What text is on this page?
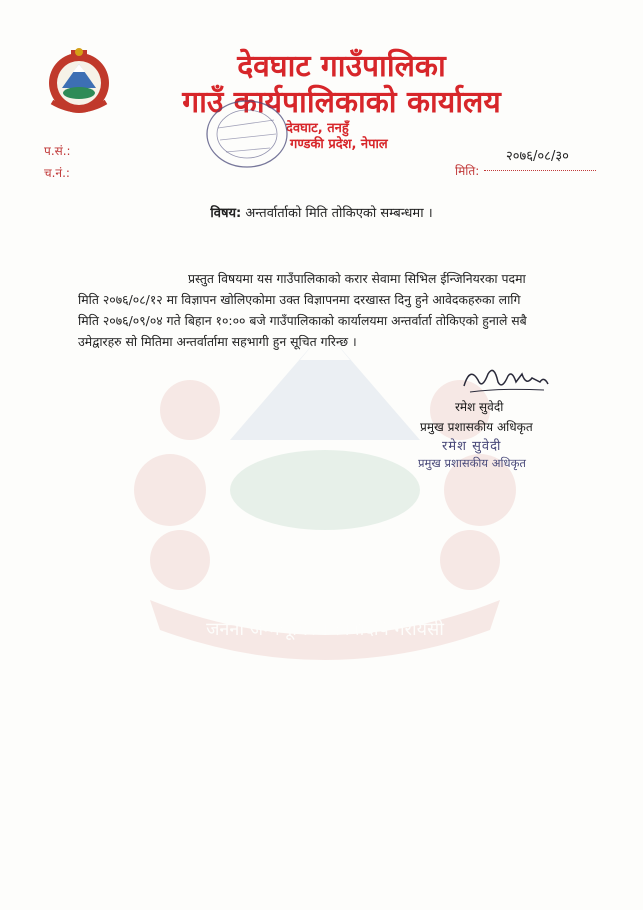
जननी जन्मभूमिश्च स्वर्गादपि गरीयसी
देवघाट गाउँपालिका
गाउँ कार्यपालिकाको कार्यालय
देवघाट, तनहुँ
गण्डकी प्रदेश, नेपाल
प.सं.:
च.नं.:
२०७६/०८/३०
मिति:
विषय: अन्तर्वार्ताको मिति तोकिएको सम्बन्धमा ।
प्रस्तुत विषयमा यस गाउँपालिकाको करार सेवामा सिभिल ईन्जिनियरका पदमा
मिति २०७६/०८/१२ मा विज्ञापन खोलिएकोमा उक्त विज्ञापनमा दरखास्त दिनु हुने आवेदकहरुका लागि
मिति २०७६/०९/०४ गते बिहान १०:०० बजे गाउँपालिकाको कार्यालयमा अन्तर्वार्ता तोकिएको हुनाले सबै
उमेद्वारहरु सो मितिमा अन्तर्वार्तामा सहभागी हुन सूचित गरिन्छ ।
रमेश सुवेदी
प्रमुख प्रशासकीय अधिकृत
रमेश सुवेदी
प्रमुख प्रशासकीय अधिकृत
